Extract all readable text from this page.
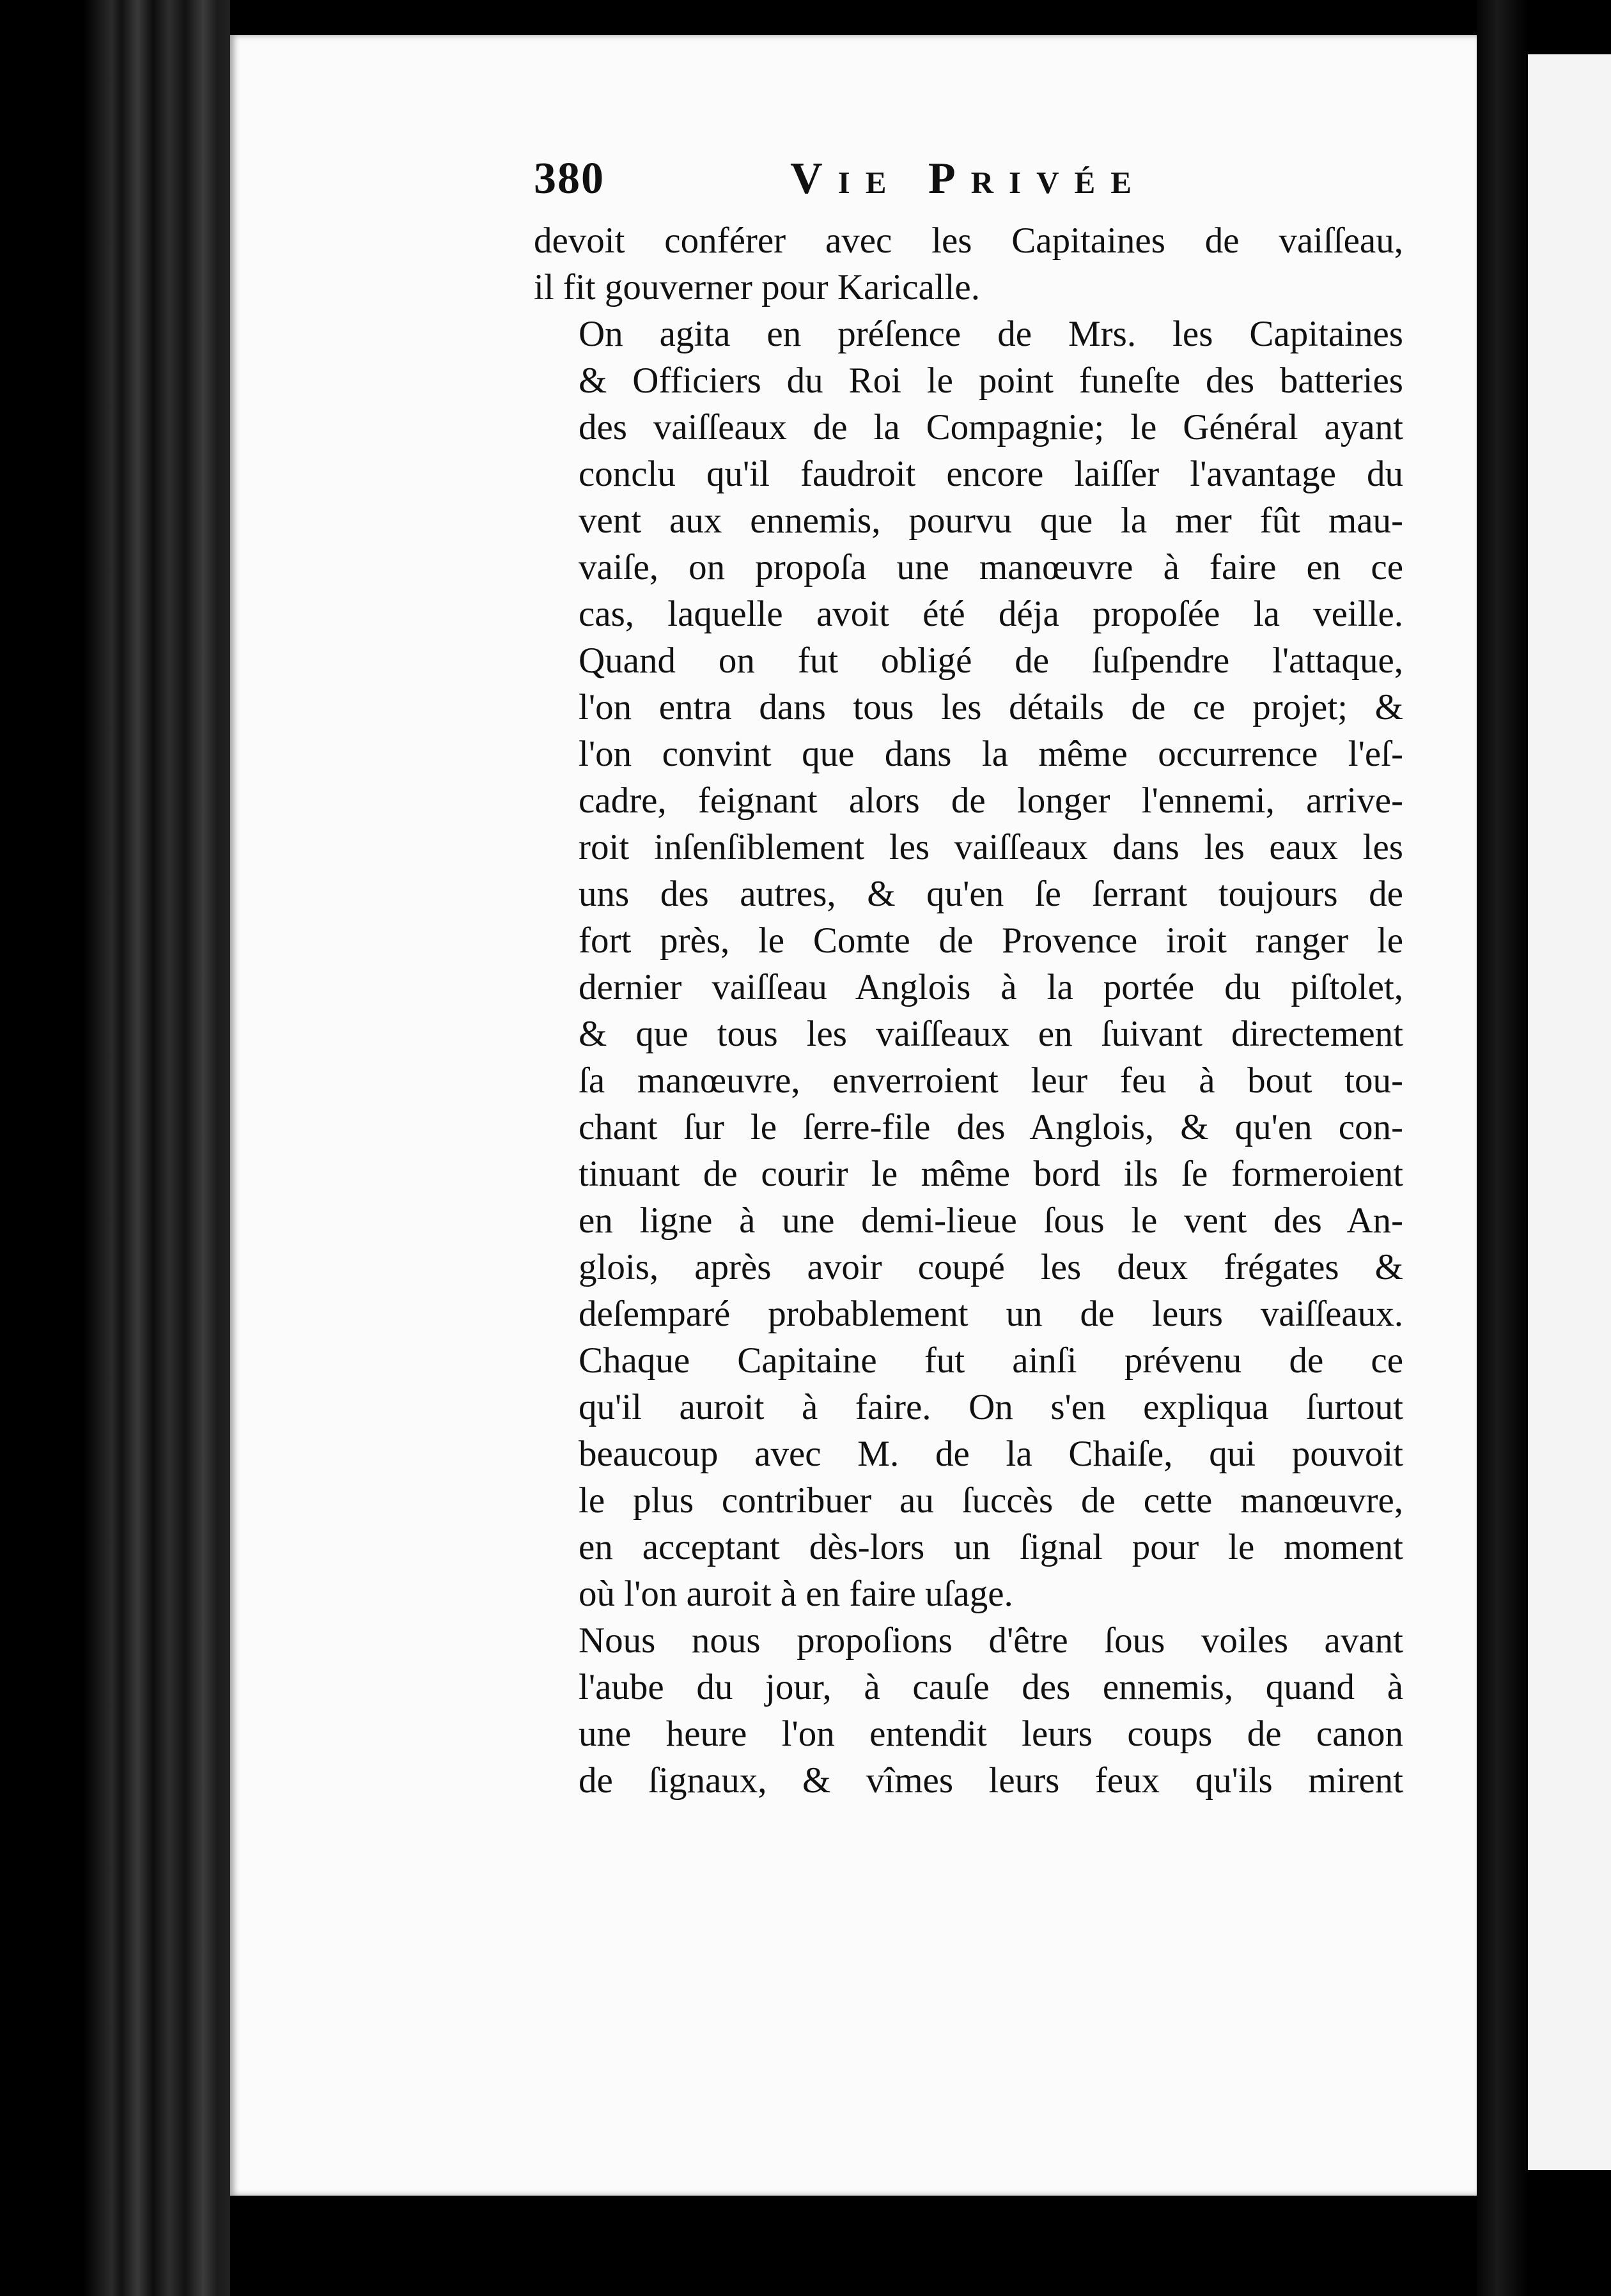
380	Vie Privée

devoit conférer avec les Capitaines de vaiſſeau,
il fit gouverner pour Karicalle.

On agita en préſence de Mrs. les Capitaines
& Officiers du Roi le point funeſte des batteries
des vaiſſeaux de la Compagnie; le Général ayant
conclu qu'il faudroit encore laiſſer l'avantage du
vent aux ennemis, pourvu que la mer fût mau-
vaiſe, on propoſa une manœuvre à faire en ce
cas, laquelle avoit été déja propoſée la veille.

Quand on fut obligé de ſuſpendre l'attaque,
l'on entra dans tous les détails de ce projet; &
l'on convint que dans la même occurrence l'eſ-
cadre, feignant alors de longer l'ennemi, arrive-
roit inſenſiblement les vaiſſeaux dans les eaux les
uns des autres, & qu'en ſe ſerrant toujours de
fort près, le Comte de Provence iroit ranger le
dernier vaiſſeau Anglois à la portée du piſtolet,
& que tous les vaiſſeaux en ſuivant directement
ſa manœuvre, enverroient leur feu à bout tou-
chant ſur le ſerre-file des Anglois, & qu'en con-
tinuant de courir le même bord ils ſe formeroient
en ligne à une demi-lieue ſous le vent des An-
glois, après avoir coupé les deux frégates &
deſemparé probablement un de leurs vaiſſeaux.

Chaque Capitaine fut ainſi prévenu de ce
qu'il auroit à faire. On s'en expliqua ſurtout
beaucoup avec M. de la Chaiſe, qui pouvoit
le plus contribuer au ſuccès de cette manœuvre,
en acceptant dès-lors un ſignal pour le moment
où l'on auroit à en faire uſage.

Nous nous propoſions d'être ſous voiles avant
l'aube du jour, à cauſe des ennemis, quand à
une heure l'on entendit leurs coups de canon
de ſignaux, & vîmes leurs feux qu'ils mirent
